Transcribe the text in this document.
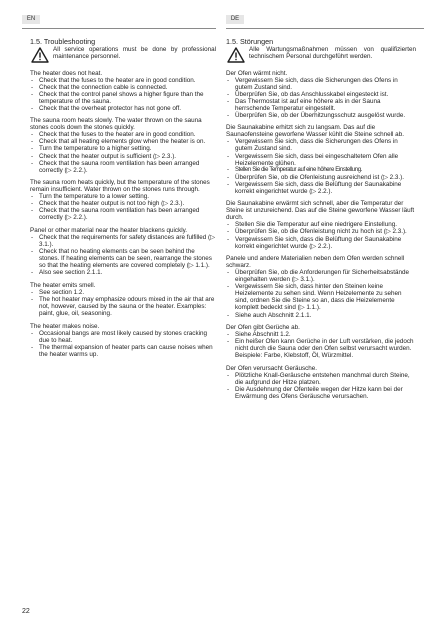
EN	DE
1.5. Troubleshooting

All service operations must be done by professional maintenance personnel.

The heater does not heat.

- Check that the fuses to the heater are in good condition.
- Check that the connection cable is connected.
- Check that the control panel shows a higher figure than the temperature of the sauna.
- Check that the overheat protector has not gone off.

The sauna room heats slowly. The water thrown on the sauna stones cools down the stones quickly.

- Check that the fuses to the heater are in good condition.
- Check that all heating elements glow when the heater is on.
- Turn the temperature to a higher setting.
- Check that the heater output is sufficient (▷ 2.3.).
- Check that the sauna room ventilation has been arranged correctly (▷ 2.2.).

The sauna room heats quickly, but the temperature of the stones remain insufficient. Water thrown on the stones runs through.

- Turn the temperature to a lower setting.
- Check that the heater output is not too high (▷ 2.3.).
- Check that the sauna room ventilation has been arranged correctly (▷ 2.2.).

Panel or other material near the heater blackens quickly.

- Check that the requirements for safety distances are fulfilled (▷ 3.1.).
- Check that no heating elements can be seen behind the stones. If heating elements can be seen, rearrange the stones so that the heating elements are covered completely (▷ 1.1.).
- Also see section 2.1.1.

The heater emits smell.

- See section 1.2.
- The hot heater may emphasize odours mixed in the air that are not, however, caused by the sauna or the heater. Examples: paint, glue, oil, seasoning.

The heater makes noise.

- Occasional bangs are most likely caused by stones cracking due to heat.
- The thermal expansion of heater parts can cause noises when the heater warms up.
1.5. Störungen

Alle Wartungsmaßnahmen müssen von qualifizierten technischem Personal durchgeführt werden.

Der Ofen wärmt nicht.

- Vergewissern Sie sich, dass die Sicherungen des Ofens in gutem Zustand sind.
- Überprüfen Sie, ob das Anschlusskabel eingesteckt ist.
- Das Thermostat ist auf eine höhere als in der Sauna herrschende Temperatur eingestellt.
- Überprüfen Sie, ob der Überhitzungsschutz ausgelöst wurde.

Die Saunakabine erhitzt sich zu langsam. Das auf die Saunaofensteine geworfene Wasser kühlt die Steine schnell ab.

- Vergewissern Sie sich, dass die Sicherungen des Ofens in gutem Zustand sind.
- Vergewissern Sie sich, dass bei eingeschaltetem Ofen alle Heizelemente glühen.
- Stellen Sie die Temperatur auf eine höhere Einstellung.
- Überprüfen Sie, ob die Ofenleistung ausreichend ist (▷ 2.3.).
- Vergewissern Sie sich, dass die Belüftung der Saunakabine korrekt eingerichtet wurde (▷ 2.2.).

Die Saunakabine erwärmt sich schnell, aber die Temperatur der Steine ist unzureichend. Das auf die Steine geworfene Wasser läuft durch.

- Stellen Sie die Temperatur auf eine niedrigere Einstellung.
- Überprüfen Sie, ob die Ofenleistung nicht zu hoch ist (▷ 2.3.).
- Vergewissern Sie sich, dass die Belüftung der Saunakabine korrekt eingerichtet wurde (▷ 2.2.).

Panele und andere Materialien neben dem Ofen werden schnell schwarz.

- Überprüfen Sie, ob die Anforderungen für Sicherheitsabstände eingehalten werden (▷ 3.1.).
- Vergewissern Sie sich, dass hinter den Steinen keine Heizelemente zu sehen sind. Wenn Heizelemente zu sehen sind, ordnen Sie die Steine so an, dass die Heizelemente komplett bedeckt sind (▷ 1.1.).
- Siehe auch Abschnitt 2.1.1.

Der Ofen gibt Gerüche ab.

- Siehe Abschnitt 1.2.
- Ein heißer Ofen kann Gerüche in der Luft verstärken, die jedoch nicht durch die Sauna oder den Ofen selbst verursacht wurden. Beispiele: Farbe, Klebstoff, Öl, Würzmittel.

Der Ofen verursacht Geräusche.

- Plötzliche Knall-Geräusche entstehen manchmal durch Steine, die aufgrund der Hitze platzen.
- Die Ausdehnung der Ofenteile wegen der Hitze kann bei der Erwärmung des Ofens Geräusche verursachen.
22
